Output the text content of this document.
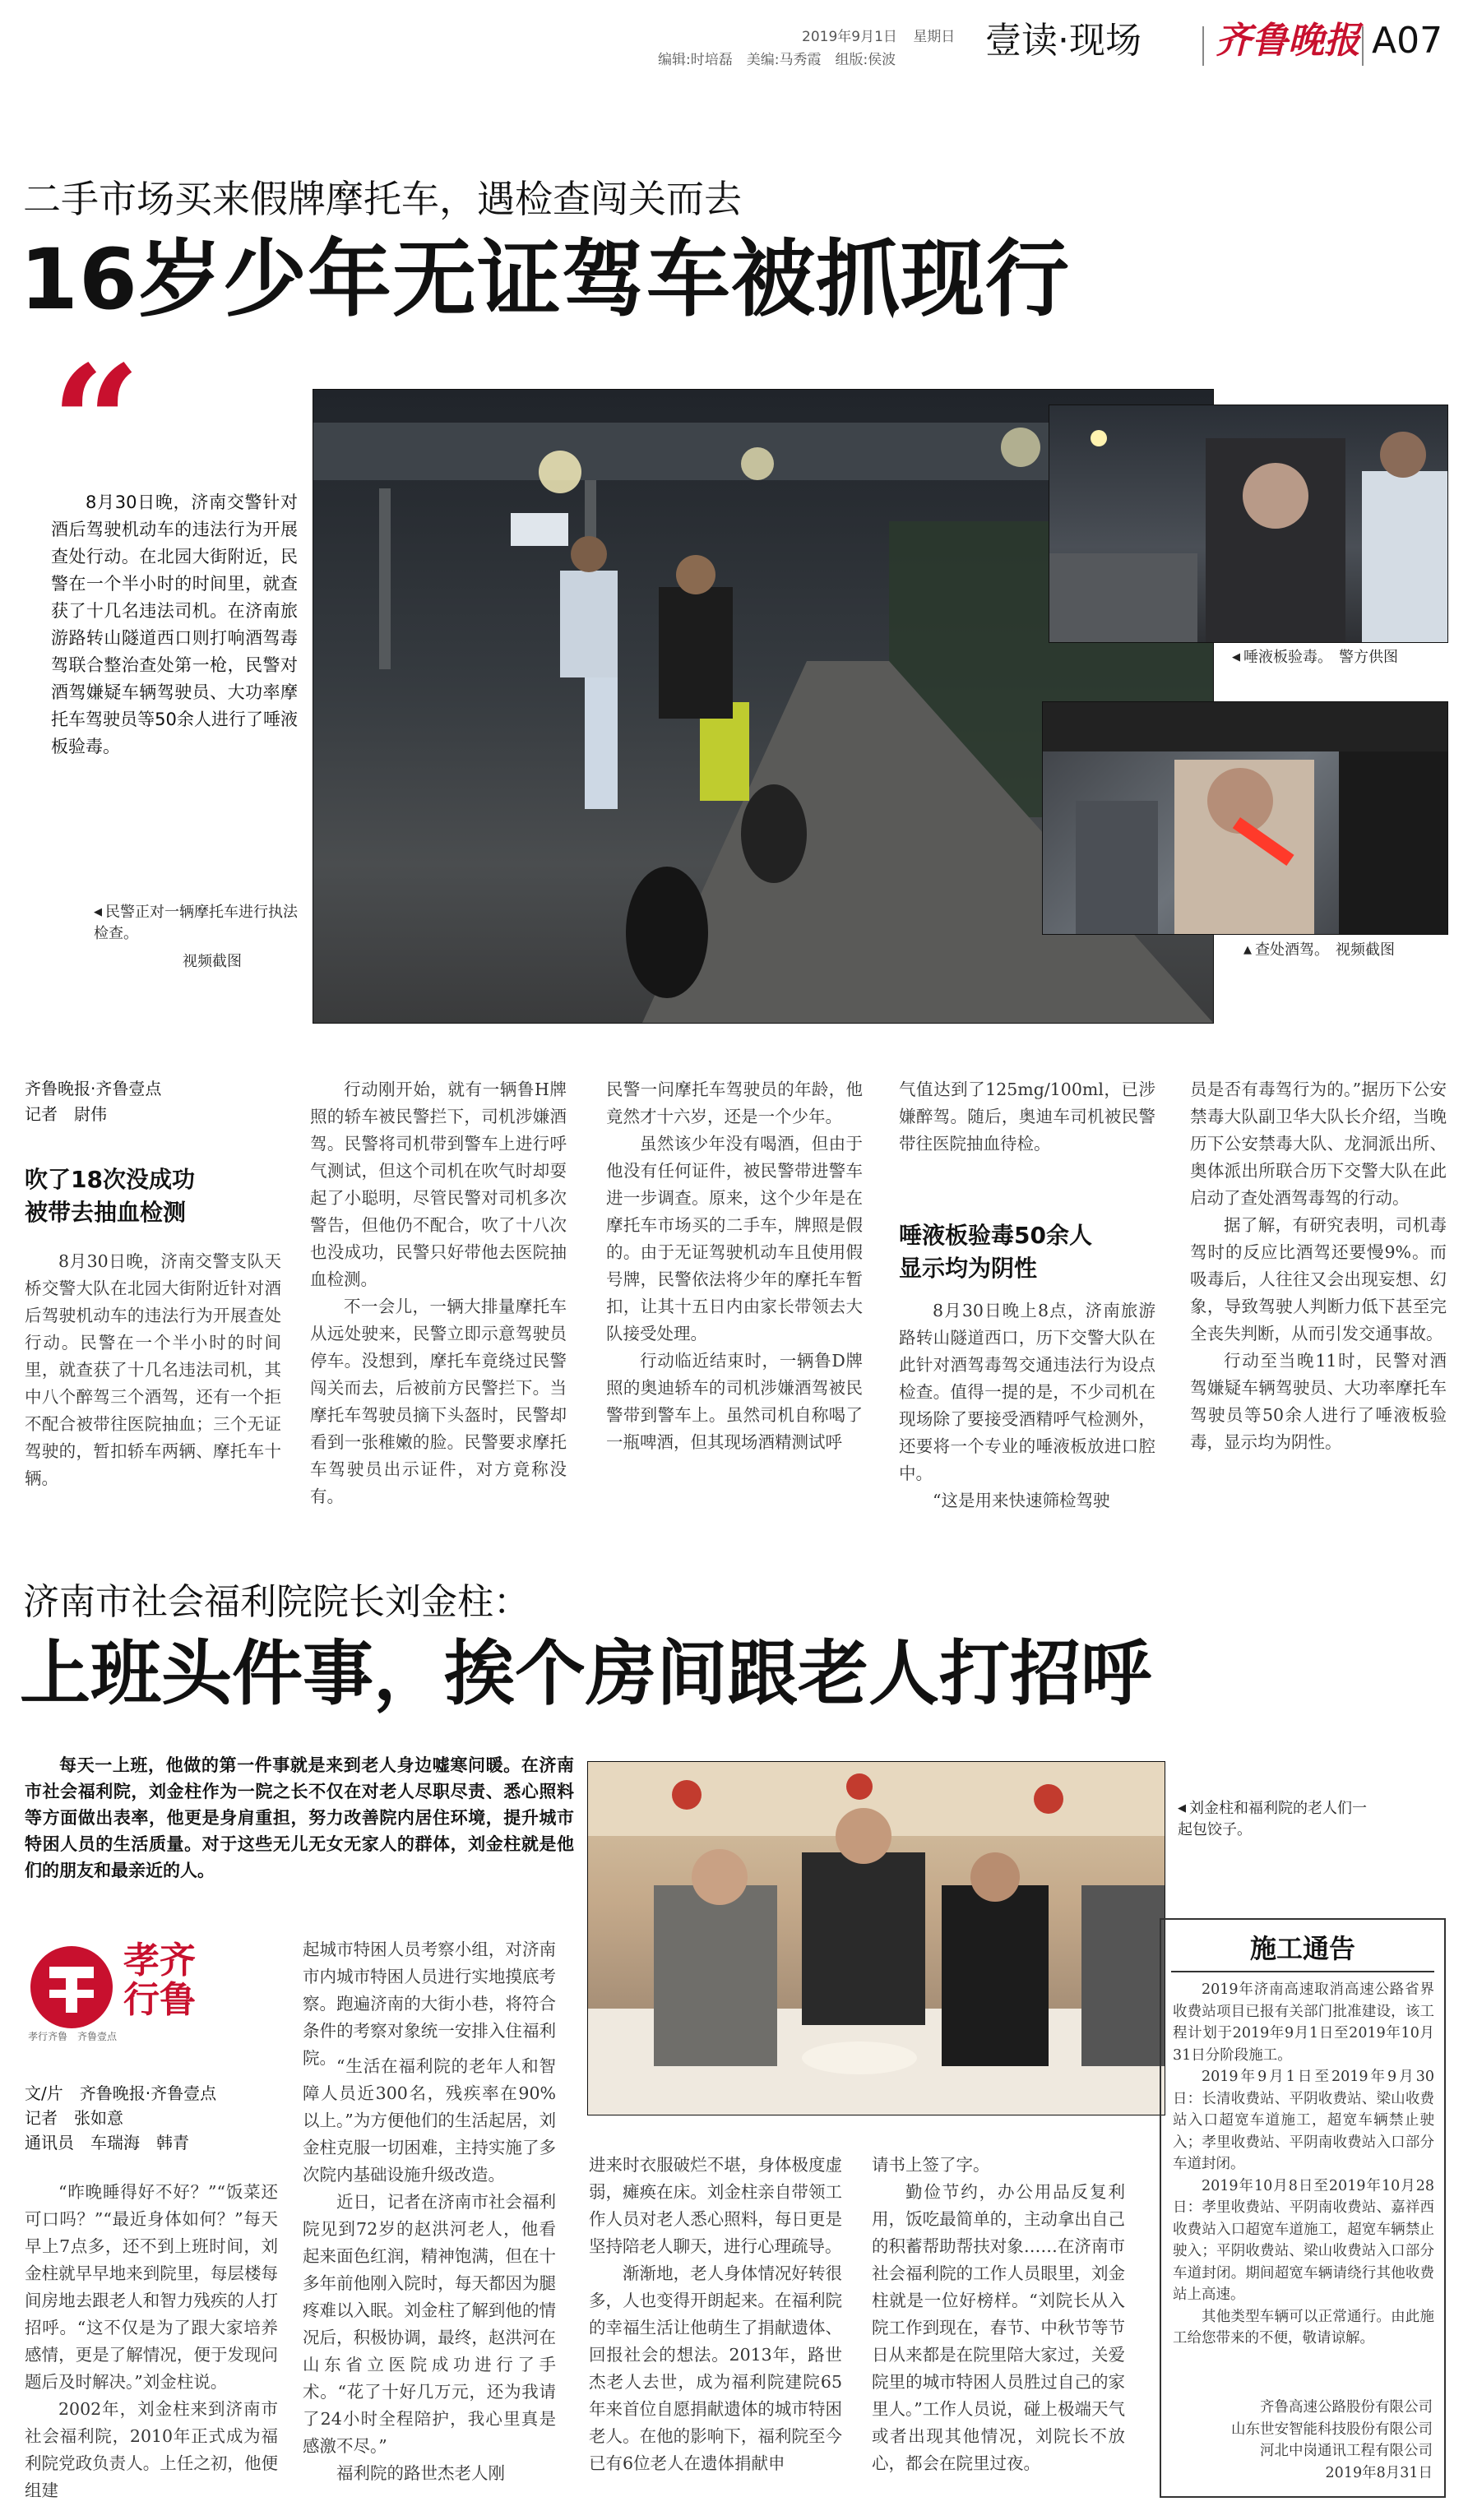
2019年9月1日 星期日
编辑:时培磊　美编:马秀霞　组版:侯波 壹读·现场 齐鲁晚报 A07
二手市场买来假牌摩托车，遇检查闯关而去
16岁少年无证驾车被抓现行
“
8月30日晚，济南交警针对酒后驾驶机动车的违法行为开展查处行动。在北园大街附近，民警在一个半小时的时间里，就查获了十几名违法司机。在济南旅游路转山隧道西口则打响酒驾毒驾联合整治查处第一枪，民警对酒驾嫌疑车辆驾驶员、大功率摩托车驾驶员等50余人进行了唾液板验毒。
◀ 民警正对一辆摩托车进行执法检查。
视频截图
◀ 唾液板验毒。 警方供图
▲ 查处酒驾。 视频截图
齐鲁晚报·齐鲁壹点
记者　尉伟
吹了18次没成功
被带去抽血检测

8月30日晚，济南交警支队天桥交警大队在北园大街附近针对酒后驾驶机动车的违法行为开展查处行动。民警在一个半小时的时间里，就查获了十几名违法司机，其中八个醉驾三个酒驾，还有一个拒不配合被带往医院抽血；三个无证驾驶的，暂扣轿车两辆、摩托车十辆。

行动刚开始，就有一辆鲁H牌照的轿车被民警拦下，司机涉嫌酒驾。民警将司机带到警车上进行呼气测试，但这个司机在吹气时却耍起了小聪明，尽管民警对司机多次警告，但他仍不配合，吹了十八次也没成功，民警只好带他去医院抽血检测。

不一会儿，一辆大排量摩托车从远处驶来，民警立即示意驾驶员停车。没想到，摩托车竟绕过民警闯关而去，后被前方民警拦下。当摩托车驾驶员摘下头盔时，民警却看到一张稚嫩的脸。民警要求摩托车驾驶员出示证件，对方竟称没有。

民警一问摩托车驾驶员的年龄，他竟然才十六岁，还是一个少年。

虽然该少年没有喝酒，但由于他没有任何证件，被民警带进警车进一步调查。原来，这个少年是在摩托车市场买的二手车，牌照是假的。由于无证驾驶机动车且使用假号牌，民警依法将少年的摩托车暂扣，让其十五日内由家长带领去大队接受处理。

行动临近结束时，一辆鲁D牌照的奥迪轿车的司机涉嫌酒驾被民警带到警车上。虽然司机自称喝了一瓶啤酒，但其现场酒精测试呼

气值达到了125mg/100ml，已涉嫌醉驾。随后，奥迪车司机被民警带往医院抽血待检。

唾液板验毒50余人
显示均为阴性

8月30日晚上8点，济南旅游路转山隧道西口，历下交警大队在此针对酒驾毒驾交通违法行为设点检查。值得一提的是，不少司机在现场除了要接受酒精呼气检测外，还要将一个专业的唾液板放进口腔中。

“这是用来快速筛检驾驶

员是否有毒驾行为的。”据历下公安禁毒大队副卫华大队长介绍，当晚历下公安禁毒大队、龙洞派出所、奥体派出所联合历下交警大队在此启动了查处酒驾毒驾的行动。

据了解，有研究表明，司机毒驾时的反应比酒驾还要慢9%。而吸毒后，人往往又会出现妄想、幻象，导致驾驶人判断力低下甚至完全丧失判断，从而引发交通事故。

行动至当晚11时，民警对酒驾嫌疑车辆驾驶员、大功率摩托车驾驶员等50余人进行了唾液板验毒，显示均为阴性。

济南市社会福利院院长刘金柱：
上班头件事，挨个房间跟老人打招呼
每天一上班，他做的第一件事就是来到老人身边嘘寒问暖。在济南市社会福利院，刘金柱作为一院之长不仅在对老人尽职尽责、悉心照料等方面做出表率，他更是身肩重担，努力改善院内居住环境，提升城市特困人员的生活质量。对于这些无儿无女无家人的群体，刘金柱就是他们的朋友和最亲近的人。
孝齐
行鲁
孝行齐鲁　齐鲁壹点
文/片　齐鲁晚报·齐鲁壹点
记者　张如意
通讯员　车瑞海　韩青
◀ 刘金柱和福利院的老人们一起包饺子。

“昨晚睡得好不好？”“饭菜还可口吗？”“最近身体如何？”每天早上7点多，还不到上班时间，刘金柱就早早地来到院里，每层楼每间房地去跟老人和智力残疾的人打招呼。“这不仅是为了跟大家培养感情，更是了解情况，便于发现问题后及时解决。”刘金柱说。

2002年，刘金柱来到济南市社会福利院，2010年正式成为福利院党政负责人。上任之初，他便组建

起城市特困人员考察小组，对济南市内城市特困人员进行实地摸底考察。跑遍济南的大街小巷，将符合条件的考察对象统一安排入住福利院。 “生活在福利院的老年人和智障人员近300名，残疾率在90%以上。”为方便他们的生活起居，刘金柱克服一切困难，主持实施了多次院内基础设施升级改造。

近日，记者在济南市社会福利院见到72岁的赵洪河老人，他看起来面色红润，精神饱满，但在十多年前他刚入院时，每天都因为腿疼难以入眠。刘金柱了解到他的情况后，积极协调，最终，赵洪河在山东省立医院成功进行了手术。“花了十好几万元，还为我请了24小时全程陪护，我心里真是感激不尽。”

福利院的路世杰老人刚

进来时衣服破烂不堪，身体极度虚弱，瘫痪在床。刘金柱亲自带领工作人员对老人悉心照料，每日更是坚持陪老人聊天，进行心理疏导。

渐渐地，老人身体情况好转很多，人也变得开朗起来。在福利院的幸福生活让他萌生了捐献遗体、回报社会的想法。2013年，路世杰老人去世，成为福利院建院65年来首位自愿捐献遗体的城市特困老人。在他的影响下，福利院至今已有6位老人在遗体捐献申

请书上签了字。

勤俭节约，办公用品反复利用，饭吃最简单的，主动拿出自己的积蓄帮助帮扶对象……在济南市社会福利院的工作人员眼里，刘金柱就是一位好榜样。“刘院长从入院工作到现在，春节、中秋节等节日从来都是在院里陪大家过，关爱院里的城市特困人员胜过自己的家里人。”工作人员说，碰上极端天气或者出现其他情况，刘院长不放心，都会在院里过夜。

施工通告

2019年济南高速取消高速公路省界收费站项目已报有关部门批准建设，该工程计划于2019年9月1日至2019年10月31日分阶段施工。

2019年9月1日至2019年9月30日：长清收费站、平阴收费站、梁山收费站入口超宽车道施工，超宽车辆禁止驶入；孝里收费站、平阴南收费站入口部分车道封闭。

2019年10月8日至2019年10月28日：孝里收费站、平阴南收费站、嘉祥西收费站入口超宽车道施工，超宽车辆禁止驶入；平阴收费站、梁山收费站入口部分车道封闭。期间超宽车辆请绕行其他收费站上高速。

其他类型车辆可以正常通行。由此施工给您带来的不便，敬请谅解。

齐鲁高速公路股份有限公司
山东世安智能科技股份有限公司
河北中岗通讯工程有限公司
2019年8月31日
